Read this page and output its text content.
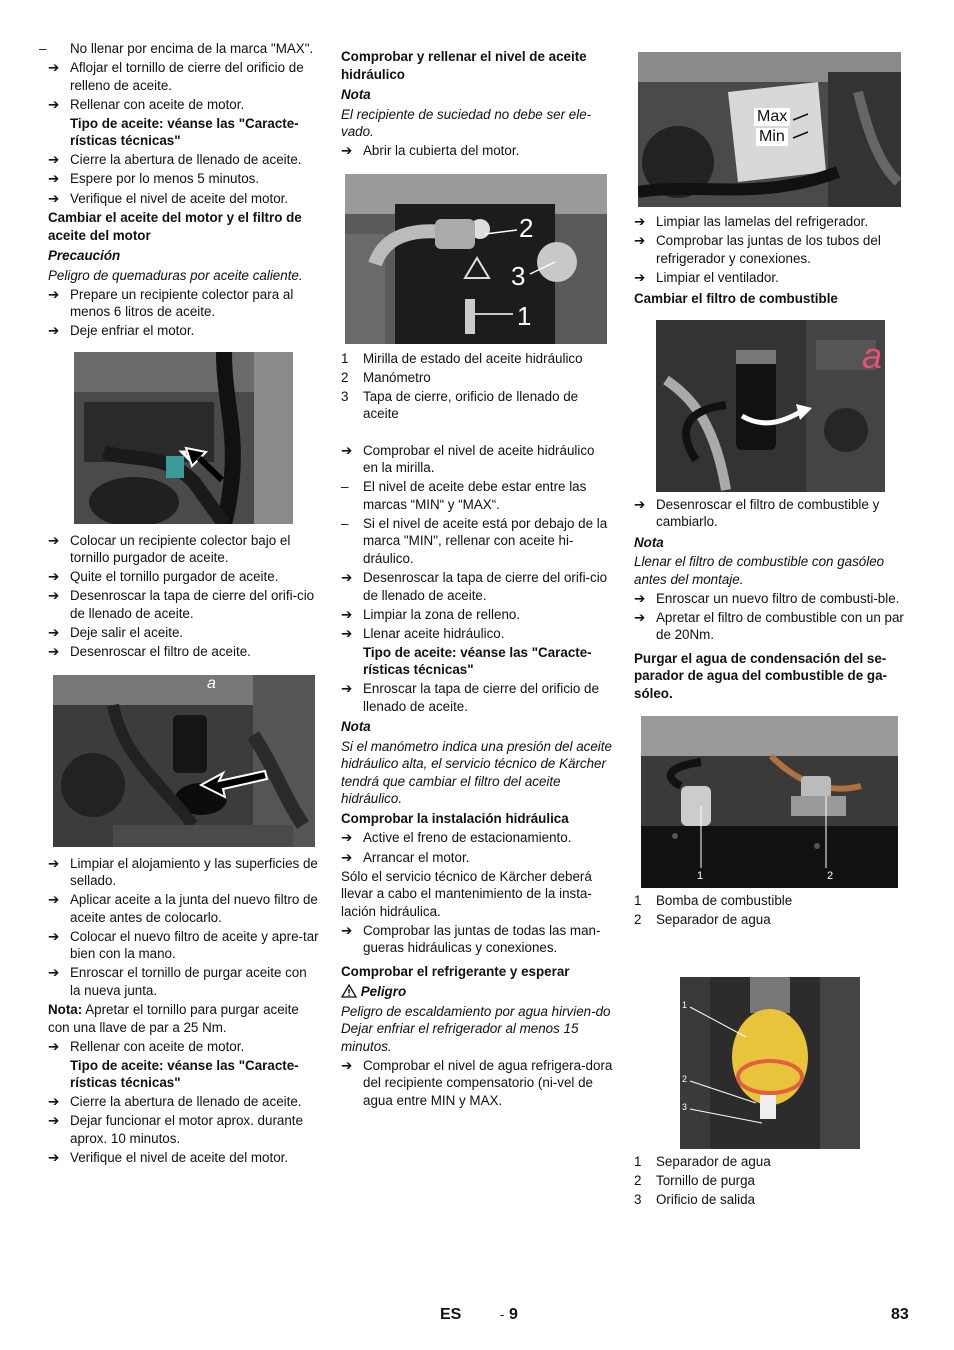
–	No llenar por encima de la marca "MAX".
➔ Aflojar el tornillo de cierre del orificio de relleno de aceite.
➔ Rellenar con aceite de motor.
Tipo de aceite: véanse las "Caracte-rísticas técnicas"
➔ Cierre la abertura de llenado de aceite.
➔ Espere por lo menos 5 minutos.
➔ Verifique el nivel de aceite del motor.
Cambiar el aceite del motor y el filtro de aceite del motor
Precaución
Peligro de quemaduras por aceite caliente.
➔ Prepare un recipiente colector para al menos 6 litros de aceite.
➔ Deje enfriar el motor.
➔ Colocar un recipiente colector bajo el tornillo purgador de aceite.
➔ Quite el tornillo purgador de aceite.
➔ Desenroscar la tapa de cierre del orifi-cio de llenado de aceite.
➔ Deje salir el aceite.
➔ Desenroscar el filtro de aceite.
a
➔ Limpiar el alojamiento y las superficies de sellado.
➔ Aplicar aceite a la junta del nuevo filtro de aceite antes de colocarlo.
➔ Colocar el nuevo filtro de aceite y apre-tar bien con la mano.
➔ Enroscar el tornillo de purgar aceite con la nueva junta.
Nota: Apretar el tornillo para purgar aceite con una llave de par a 25 Nm.
➔ Rellenar con aceite de motor.
Tipo de aceite: véanse las "Caracte-rísticas técnicas"
➔ Cierre la abertura de llenado de aceite.
➔ Dejar funcionar el motor aprox. durante aprox. 10 minutos.
➔ Verifique el nivel de aceite del motor.
Comprobar y rellenar el nivel de aceite hidráulico
Nota
El recipiente de suciedad no debe ser ele-vado.
➔ Abrir la cubierta del motor.
2
3
1
1	Mirilla de estado del aceite hidráulico
2	Manómetro
3	Tapa de cierre, orificio de llenado de aceite
➔ Comprobar el nivel de aceite hidráulico en la mirilla.
–	El nivel de aceite debe estar entre las marcas “MIN“ y “MAX“.
–	Si el nivel de aceite está por debajo de la marca "MIN", rellenar con aceite hi-dráulico.
➔ Desenroscar la tapa de cierre del orifi-cio de llenado de aceite.
➔ Limpiar la zona de relleno.
➔ Llenar aceite hidráulico.
Tipo de aceite: véanse las "Caracte-rísticas técnicas"
➔ Enroscar la tapa de cierre del orificio de llenado de aceite.
Nota
Si el manómetro indica una presión del aceite hidráulico alta, el servicio técnico de Kärcher tendrá que cambiar el filtro del aceite hidráulico.
Comprobar la instalación hidráulica
➔ Active el freno de estacionamiento.
➔ Arrancar el motor.
Sólo el servicio técnico de Kärcher deberá llevar a cabo el mantenimiento de la insta-lación hidráulica.
➔ Comprobar las juntas de todas las man-gueras hidráulicas y conexiones.
Comprobar el refrigerante y esperar
Peligro
Peligro de escaldamiento por agua hirvien-do Dejar enfriar el refrigerador al menos 15 minutos.
➔ Comprobar el nivel de agua refrigera-dora del recipiente compensatorio (ni-vel de agua entre MIN y MAX.
Max
Min
➔ Limpiar las lamelas del refrigerador.
➔ Comprobar las juntas de los tubos del refrigerador y conexiones.
➔ Limpiar el ventilador.
Cambiar el filtro de combustible
a
➔ Desenroscar el filtro de combustible y cambiarlo.
Nota
Llenar el filtro de combustible con gasóleo antes del montaje.
➔ Enroscar un nuevo filtro de combusti-ble.
➔ Apretar el filtro de combustible con un par de 20Nm.
Purgar el agua de condensación del se-parador de agua del combustible de ga-sóleo.
1	2
1	Bomba de combustible
2	Separador de agua
1
2
3
1	Separador de agua
2	Tornillo de purga
3	Orificio de salida
ES	- 9	83
